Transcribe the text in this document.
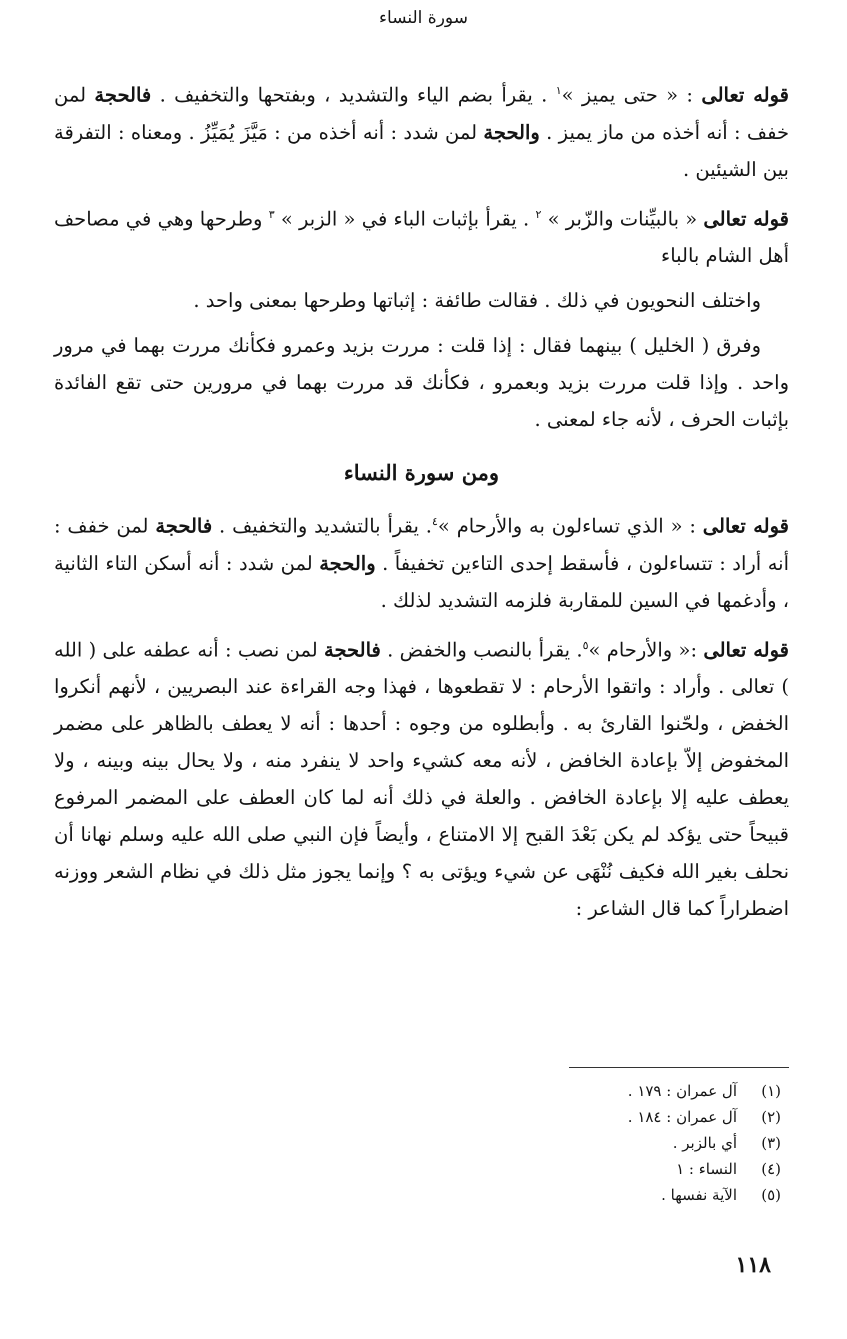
سورة النساء

قوله تعالى : « حتى يميز »$^١$ . يقرأ بضم الياء والتشديد ، وبفتحها والتخفيف . فالحجة لمن خفف : أنه أخذه من ماز يميز . والحجة لمن شدد : أنه أخذه من : مَيَّزَ يُمَيِّزُ . ومعناه : التفرقة بين الشيئين .

قوله تعالى « بالبيِّنات والزّبر » $^٢$ . يقرأ بإثبات الباء في « الزبر » $^٣$ وطرحها وهي في مصاحف أهل الشام بالباء

واختلف النحويون في ذلك . فقالت طائفة : إثباتها وطرحها بمعنى واحد .

وفرق ( الخليل ) بينهما فقال : إذا قلت : مررت بزيد وعمرو فكأنك مررت بهما في مرور واحد . وإذا قلت مررت بزيد وبعمرو ، فكأنك قد مررت بهما في مرورين حتى تقع الفائدة بإثبات الحرف ، لأنه جاء لمعنى .

ومن سورة النساء

قوله تعالى : « الذي تساءلون به والأرحام »$^٤$. يقرأ بالتشديد والتخفيف . فالحجة لمن خفف : أنه أراد : تتساءلون ، فأسقط إحدى التاءين تخفيفاً . والحجة لمن شدد : أنه أسكن التاء الثانية ، وأدغمها في السين للمقاربة فلزمه التشديد لذلك .

قوله تعالى :« والأرحام »$^٥$. يقرأ بالنصب والخفض . فالحجة لمن نصب : أنه عطفه على ( الله ) تعالى . وأراد : واتقوا الأرحام : لا تقطعوها ، فهذا وجه القراءة عند البصريين ، لأنهم أنكروا الخفض ، ولحّنوا القارئ به . وأبطلوه من وجوه : أحدها : أنه لا يعطف بالظاهر على مضمر المخفوض إلاّ بإعادة الخافض ، لأنه معه كشيء واحد لا ينفرد منه ، ولا يحال بينه وبينه ، ولا يعطف عليه إلا بإعادة الخافض . والعلة في ذلك أنه لما كان العطف على المضمر المرفوع قبيحاً حتى يؤكد لم يكن بَعْدَ القبح إلا الامتناع ، وأيضاً فإن النبي صلى الله عليه وسلم نهانا أن نحلف بغير الله فكيف نُنْهَى عن شيء ويؤتى به ؟ وإنما يجوز مثل ذلك في نظام الشعر ووزنه اضطراراً كما قال الشاعر :

(١)
آل عمران : ١٧٩ .
(٢)
آل عمران : ١٨٤ .
(٣)
أي بالزبر .
(٤)
النساء : ١
(٥)
الآية نفسها .
١١٨
